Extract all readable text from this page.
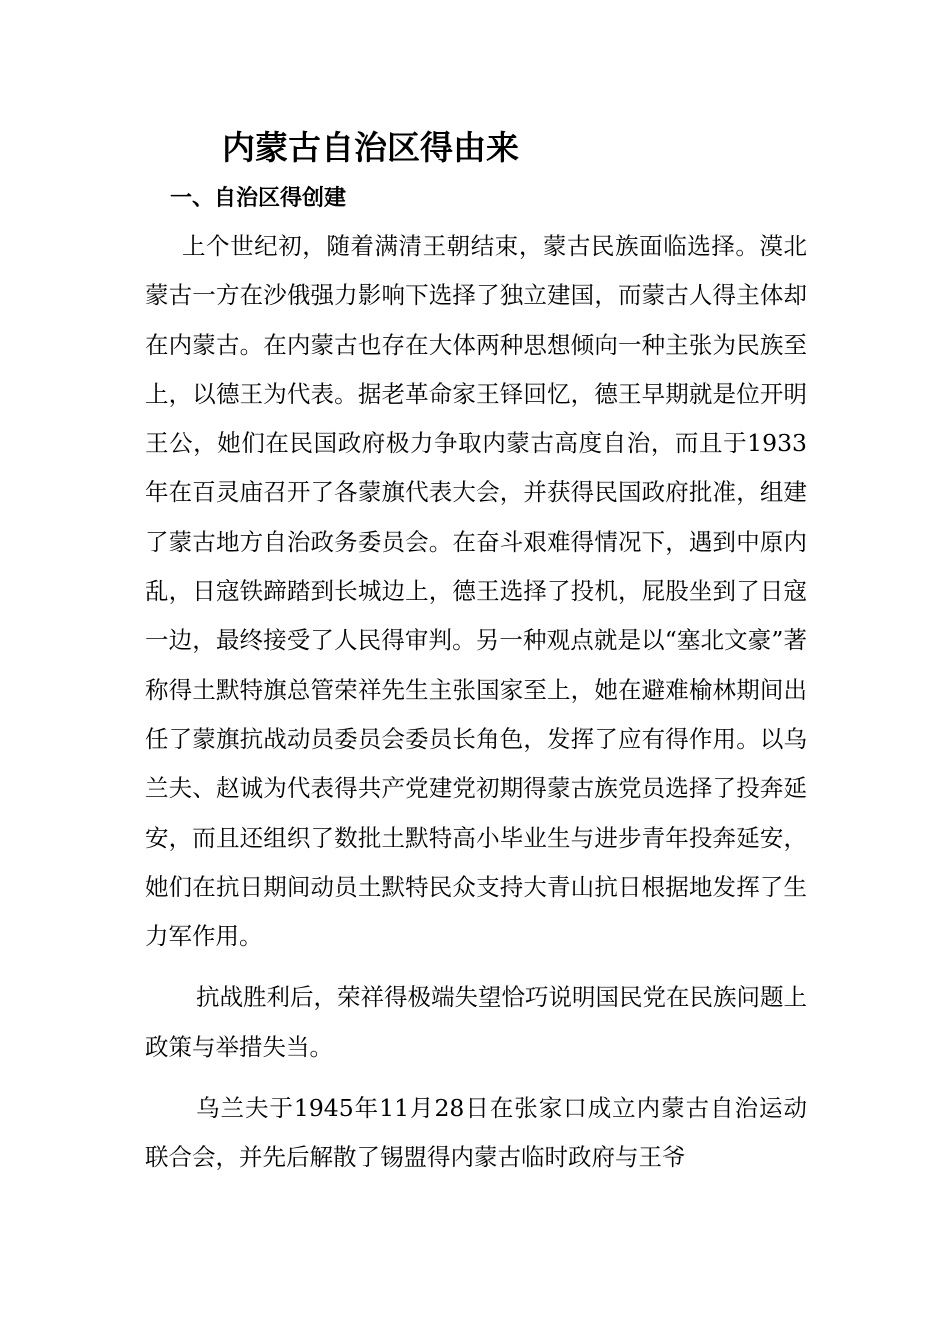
内蒙古自治区得由来
一、自治区得创建

上个世纪初，随着满清王朝结束，蒙古民族面临选择。漠北蒙古一方在沙俄强力影响下选择了独立建国，而蒙古人得主体却在内蒙古。在内蒙古也存在大体两种思想倾向一种主张为民族至上，以德王为代表。据老革命家王铎回忆，德王早期就是位开明王公，她们在民国政府极力争取内蒙古高度自治，而且于1933年在百灵庙召开了各蒙旗代表大会，并获得民国政府批准，组建了蒙古地方自治政务委员会。在奋斗艰难得情况下，遇到中原内乱，日寇铁蹄踏到长城边上，德王选择了投机，屁股坐到了日寇一边，最终接受了人民得审判。另一种观点就是以“塞北文豪”著称得土默特旗总管荣祥先生主张国家至上，她在避难榆林期间出任了蒙旗抗战动员委员会委员长角色，发挥了应有得作用。以乌兰夫、赵诚为代表得共产党建党初期得蒙古族党员选择了投奔延安，而且还组织了数批土默特高小毕业生与进步青年投奔延安，她们在抗日期间动员土默特民众支持大青山抗日根据地发挥了生力军作用。

抗战胜利后，荣祥得极端失望恰巧说明国民党在民族问题上政策与举措失当。

乌兰夫于1945年11月28日在张家口成立内蒙古自治运动联合会，并先后解散了锡盟得内蒙古临时政府与王爷
